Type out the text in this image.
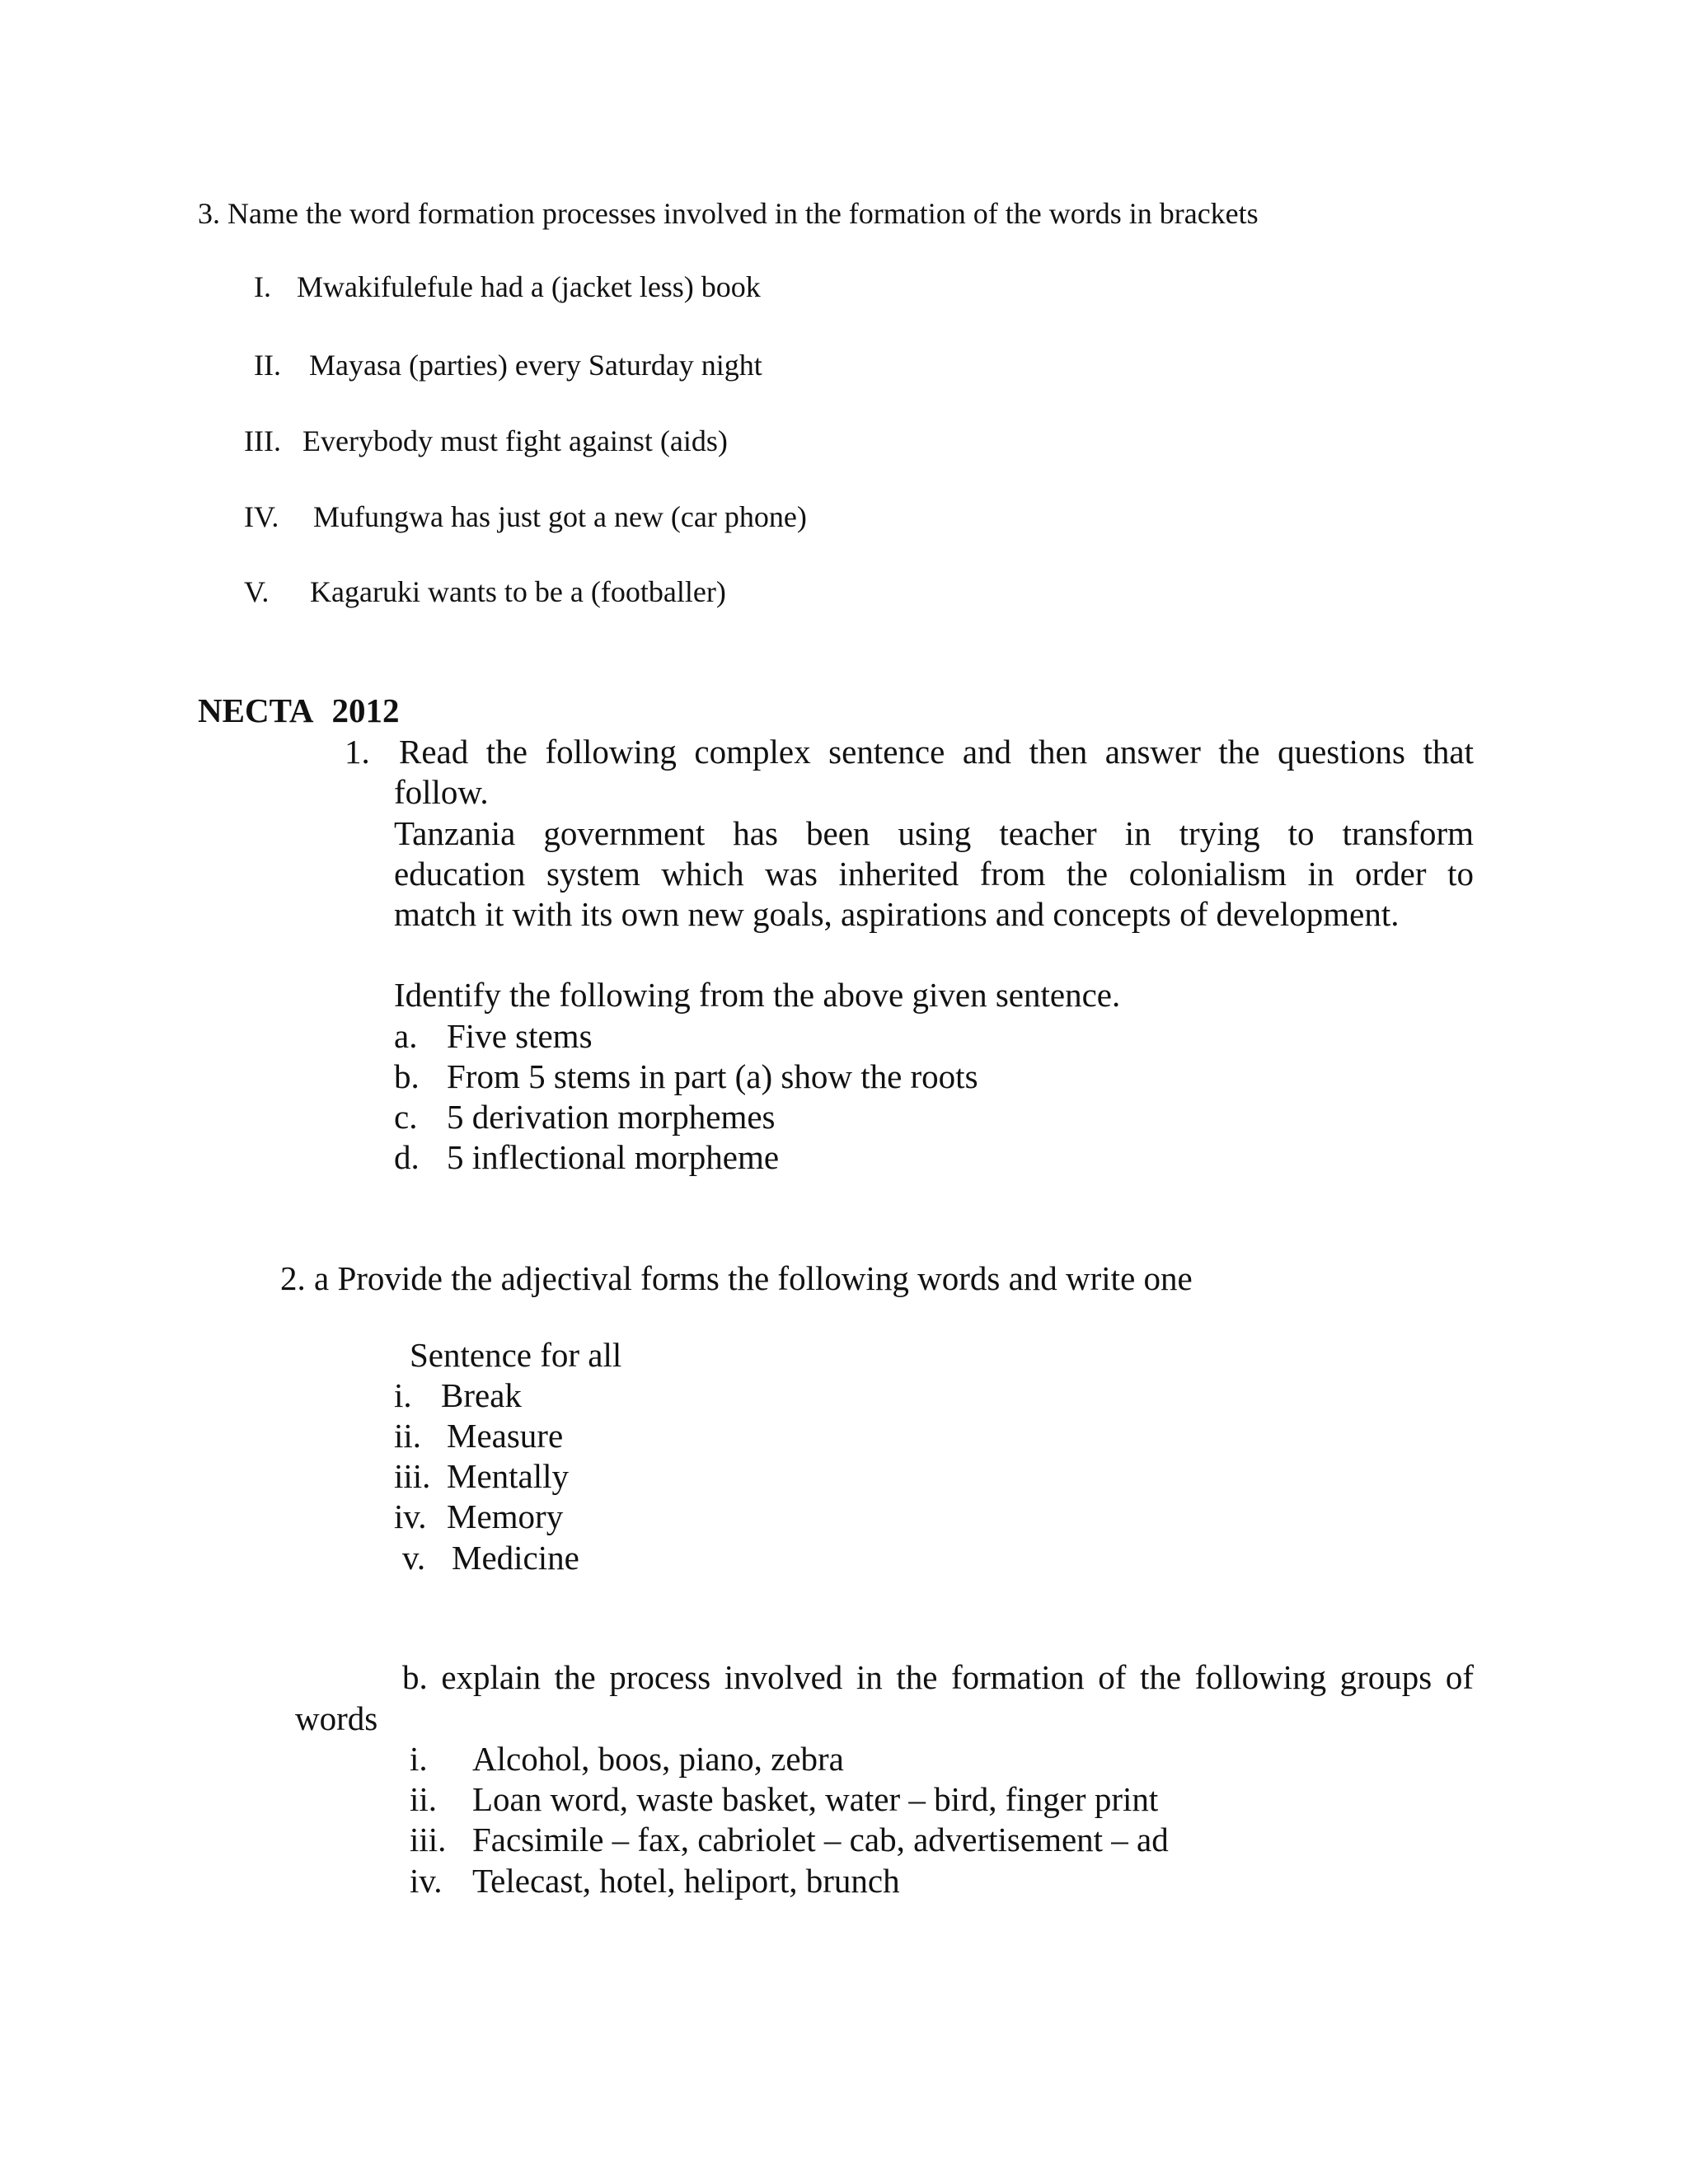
3. Name the word formation processes involved in the formation of the words in brackets
I. Mwakifulefule had a (jacket less) book
II. Mayasa (parties) every Saturday night
III. Everybody must fight against (aids)
IV. Mufungwa has just got a new (car phone)
V. Kagaruki wants to be a (footballer)
NECTA 2012
1. Read the following complex sentence and then answer the questions that
follow.
Tanzania government has been using teacher in trying to transform
education system which was inherited from the colonialism in order to
match it with its own new goals, aspirations and concepts of development.
Identify the following from the above given sentence.
a. Five stems
b. From 5 stems in part (a) show the roots
c. 5 derivation morphemes
d. 5 inflectional morpheme
2. a Provide the adjectival forms the following words and write one
Sentence for all
i. Break
ii. Measure
iii. Mentally
iv. Memory
v. Medicine
b. explain the process involved in the formation of the following groups of
words
i. Alcohol, boos, piano, zebra
ii. Loan word, waste basket, water – bird, finger print
iii. Facsimile – fax, cabriolet – cab, advertisement – ad
iv. Telecast, hotel, heliport, brunch
